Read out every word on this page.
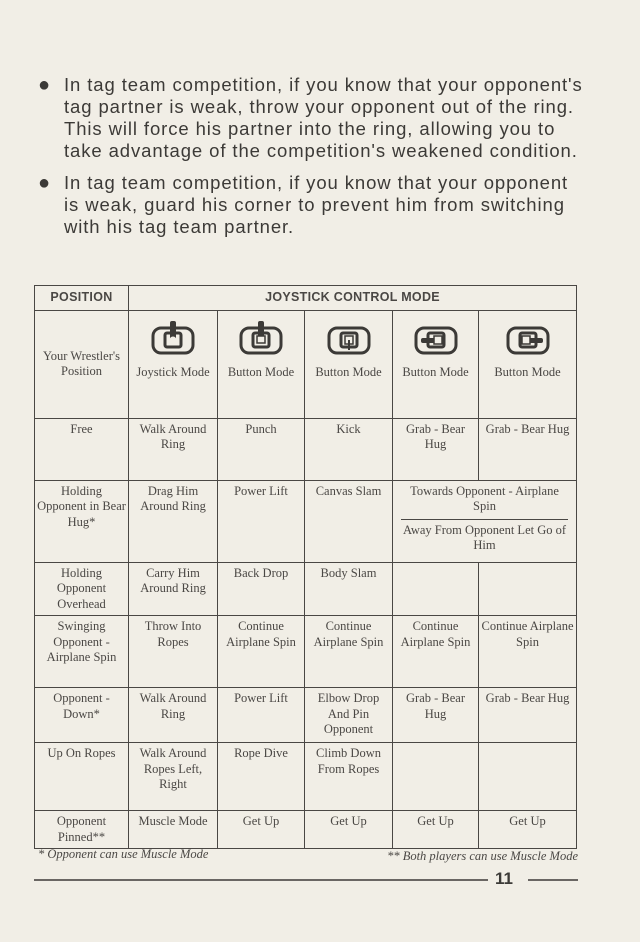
● In tag team competition, if you know that your opponent's tag partner is weak, throw your opponent out of the ring. This will force his partner into the ring, allowing you to take advantage of the competition's weakened condition.
● In tag team competition, if you know that your opponent is weak, guard his corner to prevent him from switching with his tag team partner.
POSITION	JOYSTICK CONTROL MODE				
Your Wrestler's Position	Joystick Mode	Button Mode	Button Mode	Button Mode	Button Mode
Free	Walk Around Ring	Punch	Kick	Grab - Bear Hug	Grab - Bear Hug
Holding Opponent in Bear Hug*	Drag Him Around Ring	Power Lift	Canvas Slam	Towards Opponent - Airplane Spin
Away From Opponent Let Go of Him	

Holding Opponent Overhead	Carry Him Around Ring	Back Drop	Body Slam		
Swinging Opponent - Airplane Spin	Throw Into Ropes	Continue Airplane Spin	Continue Airplane Spin	Continue Airplane Spin	Continue Airplane Spin
Opponent - Down*	Walk Around Ring	Power Lift	Elbow Drop And Pin Opponent	Grab - Bear Hug	Grab - Bear Hug
Up On Ropes	Walk Around Ropes Left, Right	Rope Dive	Climb Down From Ropes		
Opponent Pinned**	Muscle Mode	Get Up	Get Up	Get Up	Get Up
* Opponent can use Muscle Mode	** Both players can use Muscle Mode
11
